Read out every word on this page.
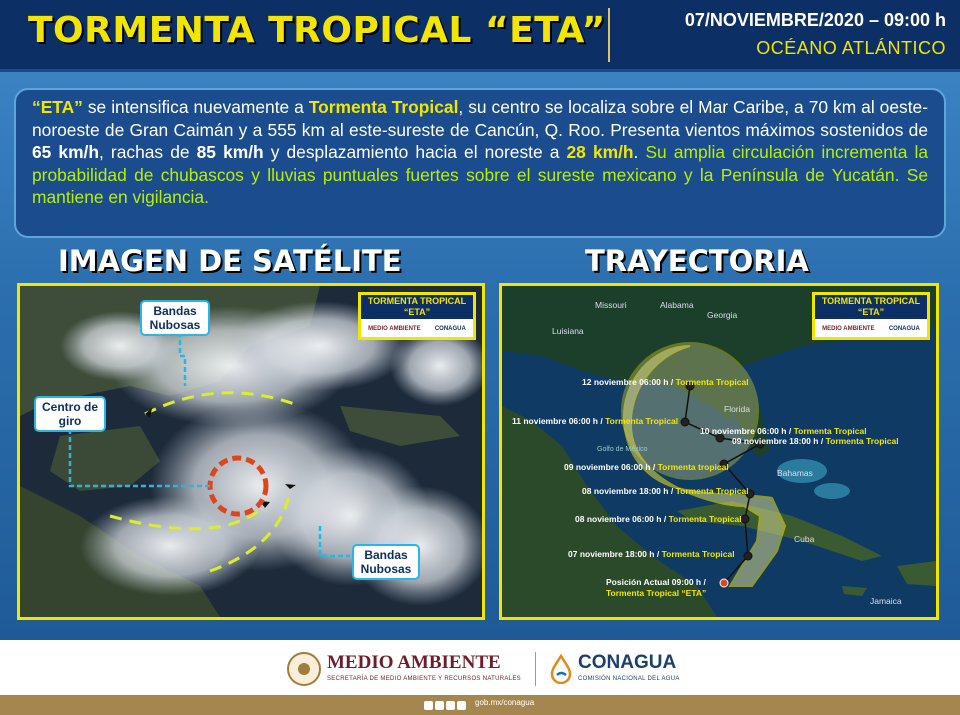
TORMENTA TROPICAL “ETA”	07/NOVIEMBRE/2020 – 09:00 h
OCÉANO ATLÁNTICO
“ETA” se intensifica nuevamente a Tormenta Tropical, su centro se localiza sobre el Mar Caribe, a 70 km al oeste-noroeste de Gran Caimán y a 555 km al este-sureste de Cancún, Q. Roo. Presenta vientos máximos sostenidos de 65 km/h, rachas de 85 km/h y desplazamiento hacia el noreste a 28 km/h. Su amplia circulación incrementa la probabilidad de chubascos y lluvias puntuales fuertes sobre el sureste mexicano y la Península de Yucatán. Se mantiene en vigilancia.
IMAGEN DE SATÉLITE	TRAYECTORIA
Bandas Nubosas
Centro de giro
Bandas Nubosas
TORMENTA TROPICAL
“ETA”
MEDIO AMBIENTE CONAGUA
Missouri	Alabama
Georgia
Luisiana
Florida
Golfo de México
Bahamas
Cuba
Jamaica
12 noviembre 06:00 h / Tormenta Tropical
11 noviembre 06:00 h / Tormenta Tropical
10 noviembre 06:00 h / Tormenta Tropical
09 noviembre 18:00 h / Tormenta Tropical
09 noviembre 06:00 h / Tormenta tropical
08 noviembre 18:00 h / Tormenta Tropical
08 noviembre 06:00 h / Tormenta Tropical
07 noviembre 18:00 h / Tormenta Tropical
Posición Actual 09:00 h /
Tormenta Tropical “ETA”
TORMENTA TROPICAL
“ETA”
MEDIO AMBIENTE CONAGUA
MEDIO AMBIENTE
SECRETARÍA DE MEDIO AMBIENTE Y RECURSOS NATURALES
CONAGUA
COMISIÓN NACIONAL DEL AGUA
gob.mx/conagua
